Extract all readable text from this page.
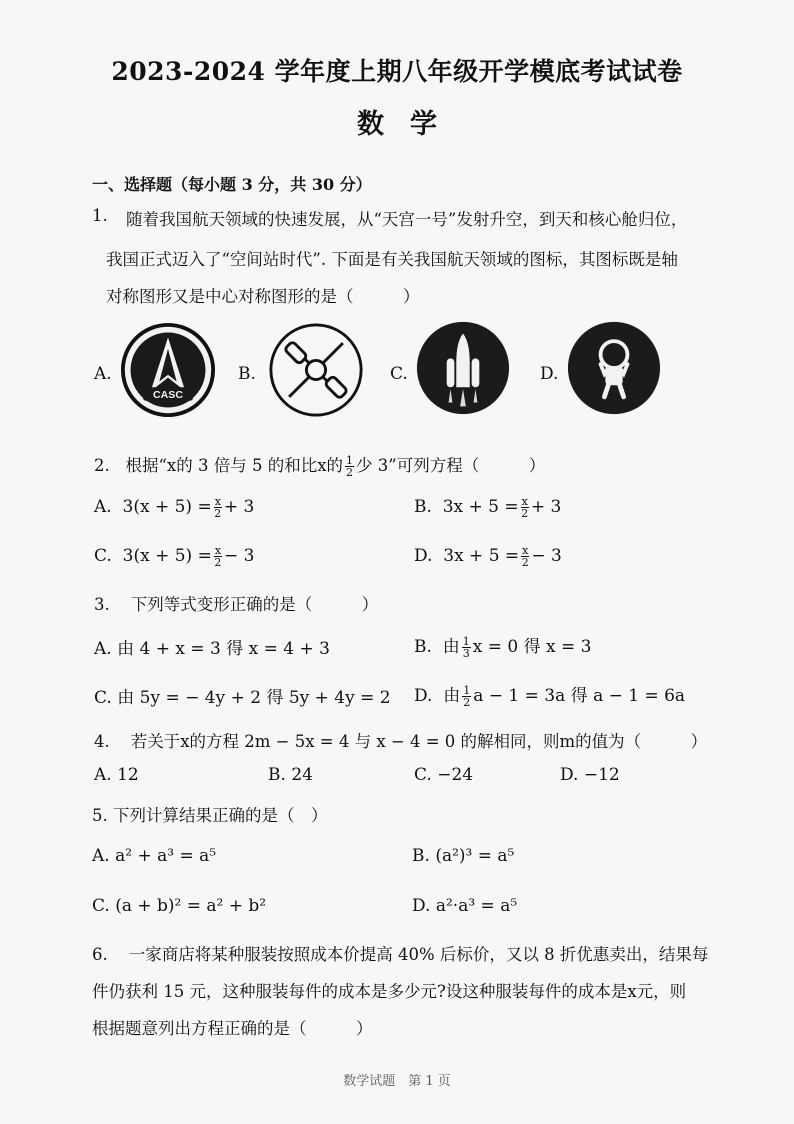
2023-2024 学年度上期八年级开学模底考试试卷
数学
一、选择题（每小题 3 分，共 30 分）
1. 随着我国航天领域的快速发展，从“天宫一号”发射升空，到天和核心舱归位，
我国正式迈入了“空间站时代”. 下面是有关我国航天领域的图标，其图标既是轴
对称图形又是中心对称图形的是（　　　）
A.
CASC
B.	C.	D.
2. 根据“x的 3 倍与 5 的和比x的 $\frac{1}{2}$ 少 3”可列方程（　　　）
A. $3(x + 5) = \frac{x}{2} + 3$	B. $3x + 5 = \frac{x}{2} + 3$
C. $3(x + 5) = \frac{x}{2} - 3$	D. $3x + 5 = \frac{x}{2} - 3$
3. 下列等式变形正确的是（　　　）
A. 由 4 + x = 3 得 x = 4 + 3	B. 由 $\frac{1}{3}$ x = 0 得 x = 3
C. 由 5y = − 4y + 2 得 5y + 4y = 2 D. 由 $\frac{1}{2}$ a − 1 = 3a 得 a − 1 = 6a
4. 若关于x的方程 2m − 5x = 4 与 x − 4 = 0 的解相同，则m的值为（　　　）
A. 12	B. 24	C. −24	D. −12
5. 下列计算结果正确的是（　）
A. a² + a³ = a⁵	B. (a²)³ = a⁵
C. (a + b)² = a² + b²	D. a²·a³ = a⁵
6. 一家商店将某种服装按照成本价提高 40% 后标价，又以 8 折优惠卖出，结果每
件仍获利 15 元，这种服装每件的成本是多少元?设这种服装每件的成本是x元，则
根据题意列出方程正确的是（　　　）
数学试题　第 1 页
